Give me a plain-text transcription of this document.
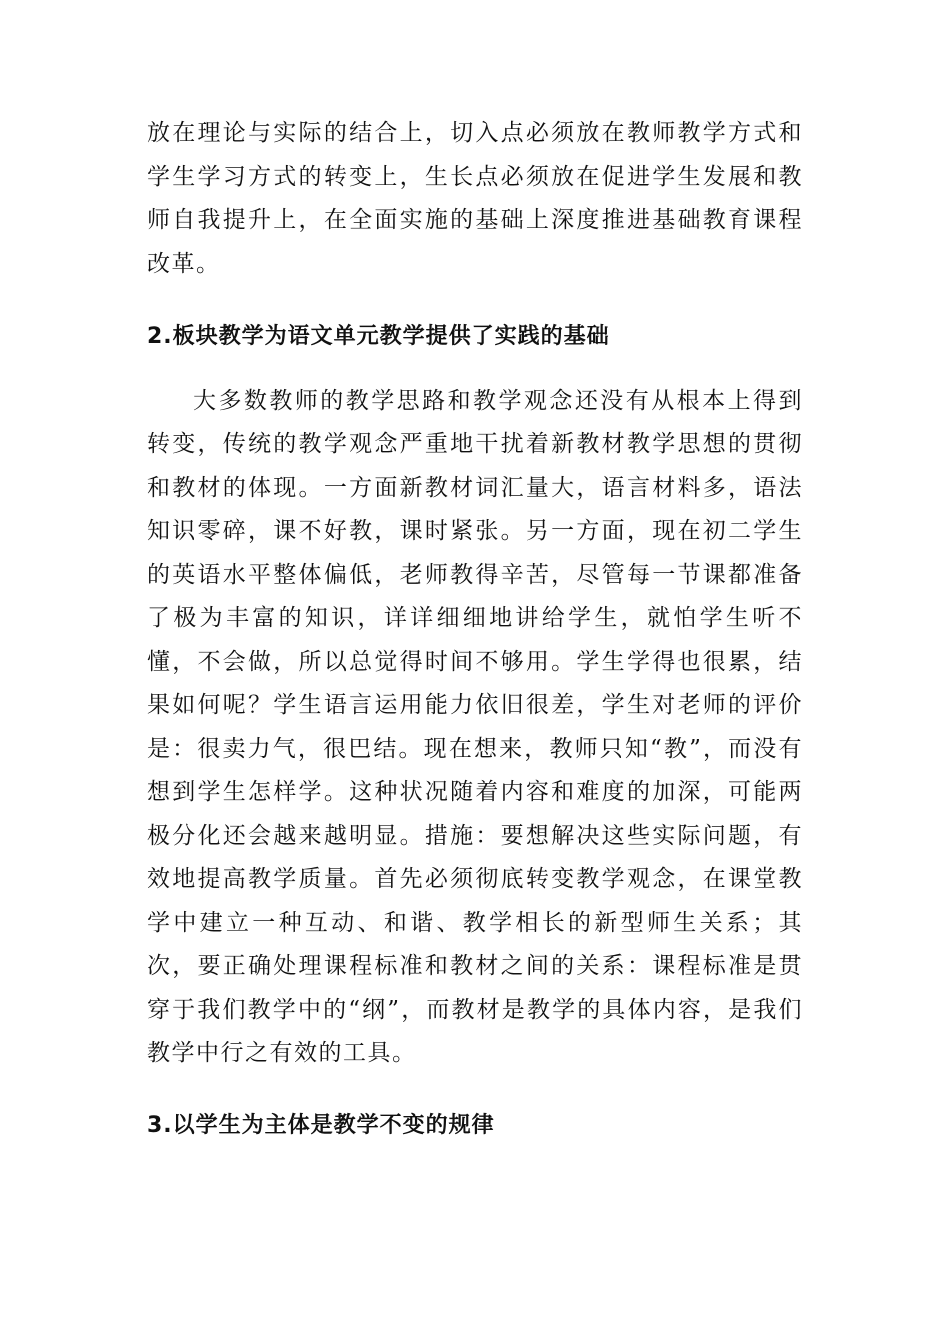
放在理论与实际的结合上，切入点必须放在教师教学方式和学生学习方式的转变上，生长点必须放在促进学生发展和教师自我提升上，在全面实施的基础上深度推进基础教育课程改革。

2.板块教学为语文单元教学提供了实践的基础

大多数教师的教学思路和教学观念还没有从根本上得到转变，传统的教学观念严重地干扰着新教材教学思想的贯彻和教材的体现。一方面新教材词汇量大，语言材料多，语法知识零碎，课不好教，课时紧张。另一方面，现在初二学生的英语水平整体偏低，老师教得辛苦，尽管每一节课都准备了极为丰富的知识，详详细细地讲给学生，就怕学生听不懂，不会做，所以总觉得时间不够用。学生学得也很累，结果如何呢？学生语言运用能力依旧很差，学生对老师的评价是：很卖力气，很巴结。现在想来，教师只知“教”，而没有想到学生怎样学。这种状况随着内容和难度的加深，可能两极分化还会越来越明显。措施：要想解决这些实际问题，有效地提高教学质量。首先必须彻底转变教学观念，在课堂教学中建立一种互动、和谐、教学相长的新型师生关系；其次，要正确处理课程标准和教材之间的关系：课程标准是贯穿于我们教学中的“纲”，而教材是教学的具体内容，是我们教学中行之有效的工具。

3.以学生为主体是教学不变的规律
